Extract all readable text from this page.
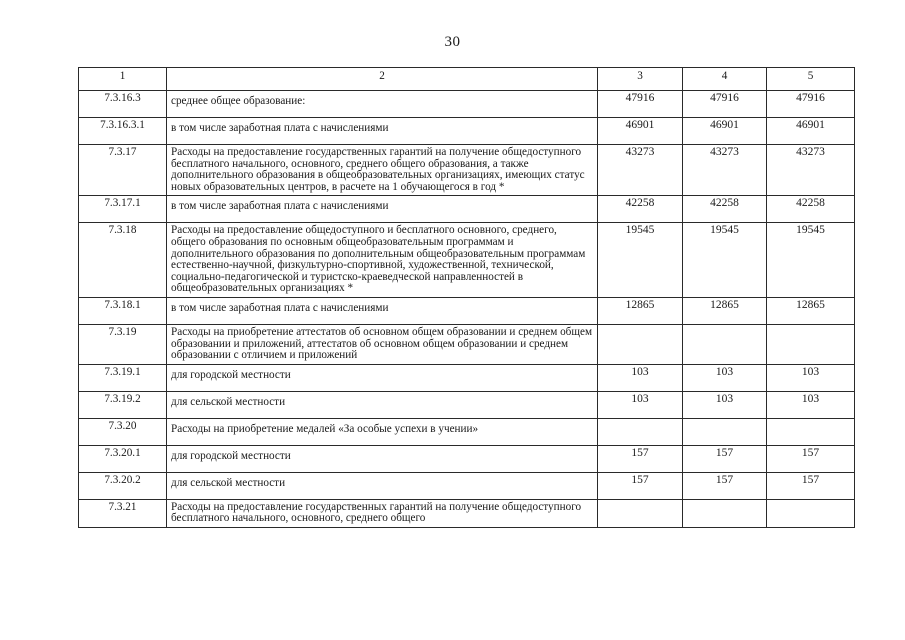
30
1	2	3	4	5
7.3.16.3	среднее общее образование:	47916	47916	47916
7.3.16.3.1	в том числе заработная плата с начислениями	46901	46901	46901
7.3.17	Расходы на предоставление государственных гарантий на получение общедоступного бесплатного начального, основного, среднего общего образования, а также дополнительного образования в общеобразовательных организациях, имеющих статус новых образовательных центров, в расчете на 1 обучающегося в год *	43273	43273	43273
7.3.17.1	в том числе заработная плата с начислениями	42258	42258	42258
7.3.18	Расходы на предоставление общедоступного и бесплатного основного, среднего, общего образования по основным общеобразовательным программам и дополнительного образования по дополнительным общеобразовательным программам естественно-научной, физкультурно-спортивной, художественной, технической, социально-педагогической и туристско-краеведческой направленностей в общеобразовательных организациях *	19545	19545	19545
7.3.18.1	в том числе заработная плата с начислениями	12865	12865	12865
7.3.19	Расходы на приобретение аттестатов об основном общем образовании и среднем общем образовании и приложений, аттестатов об основном общем образовании и среднем образовании с отличием и приложений			
7.3.19.1	для городской местности	103	103	103
7.3.19.2	для сельской местности	103	103	103
7.3.20	Расходы на приобретение медалей «За особые успехи в учении»			
7.3.20.1	для городской местности	157	157	157
7.3.20.2	для сельской местности	157	157	157
7.3.21	Расходы на предоставление государственных гарантий на получение общедоступного бесплатного начального, основного, среднего общего			
